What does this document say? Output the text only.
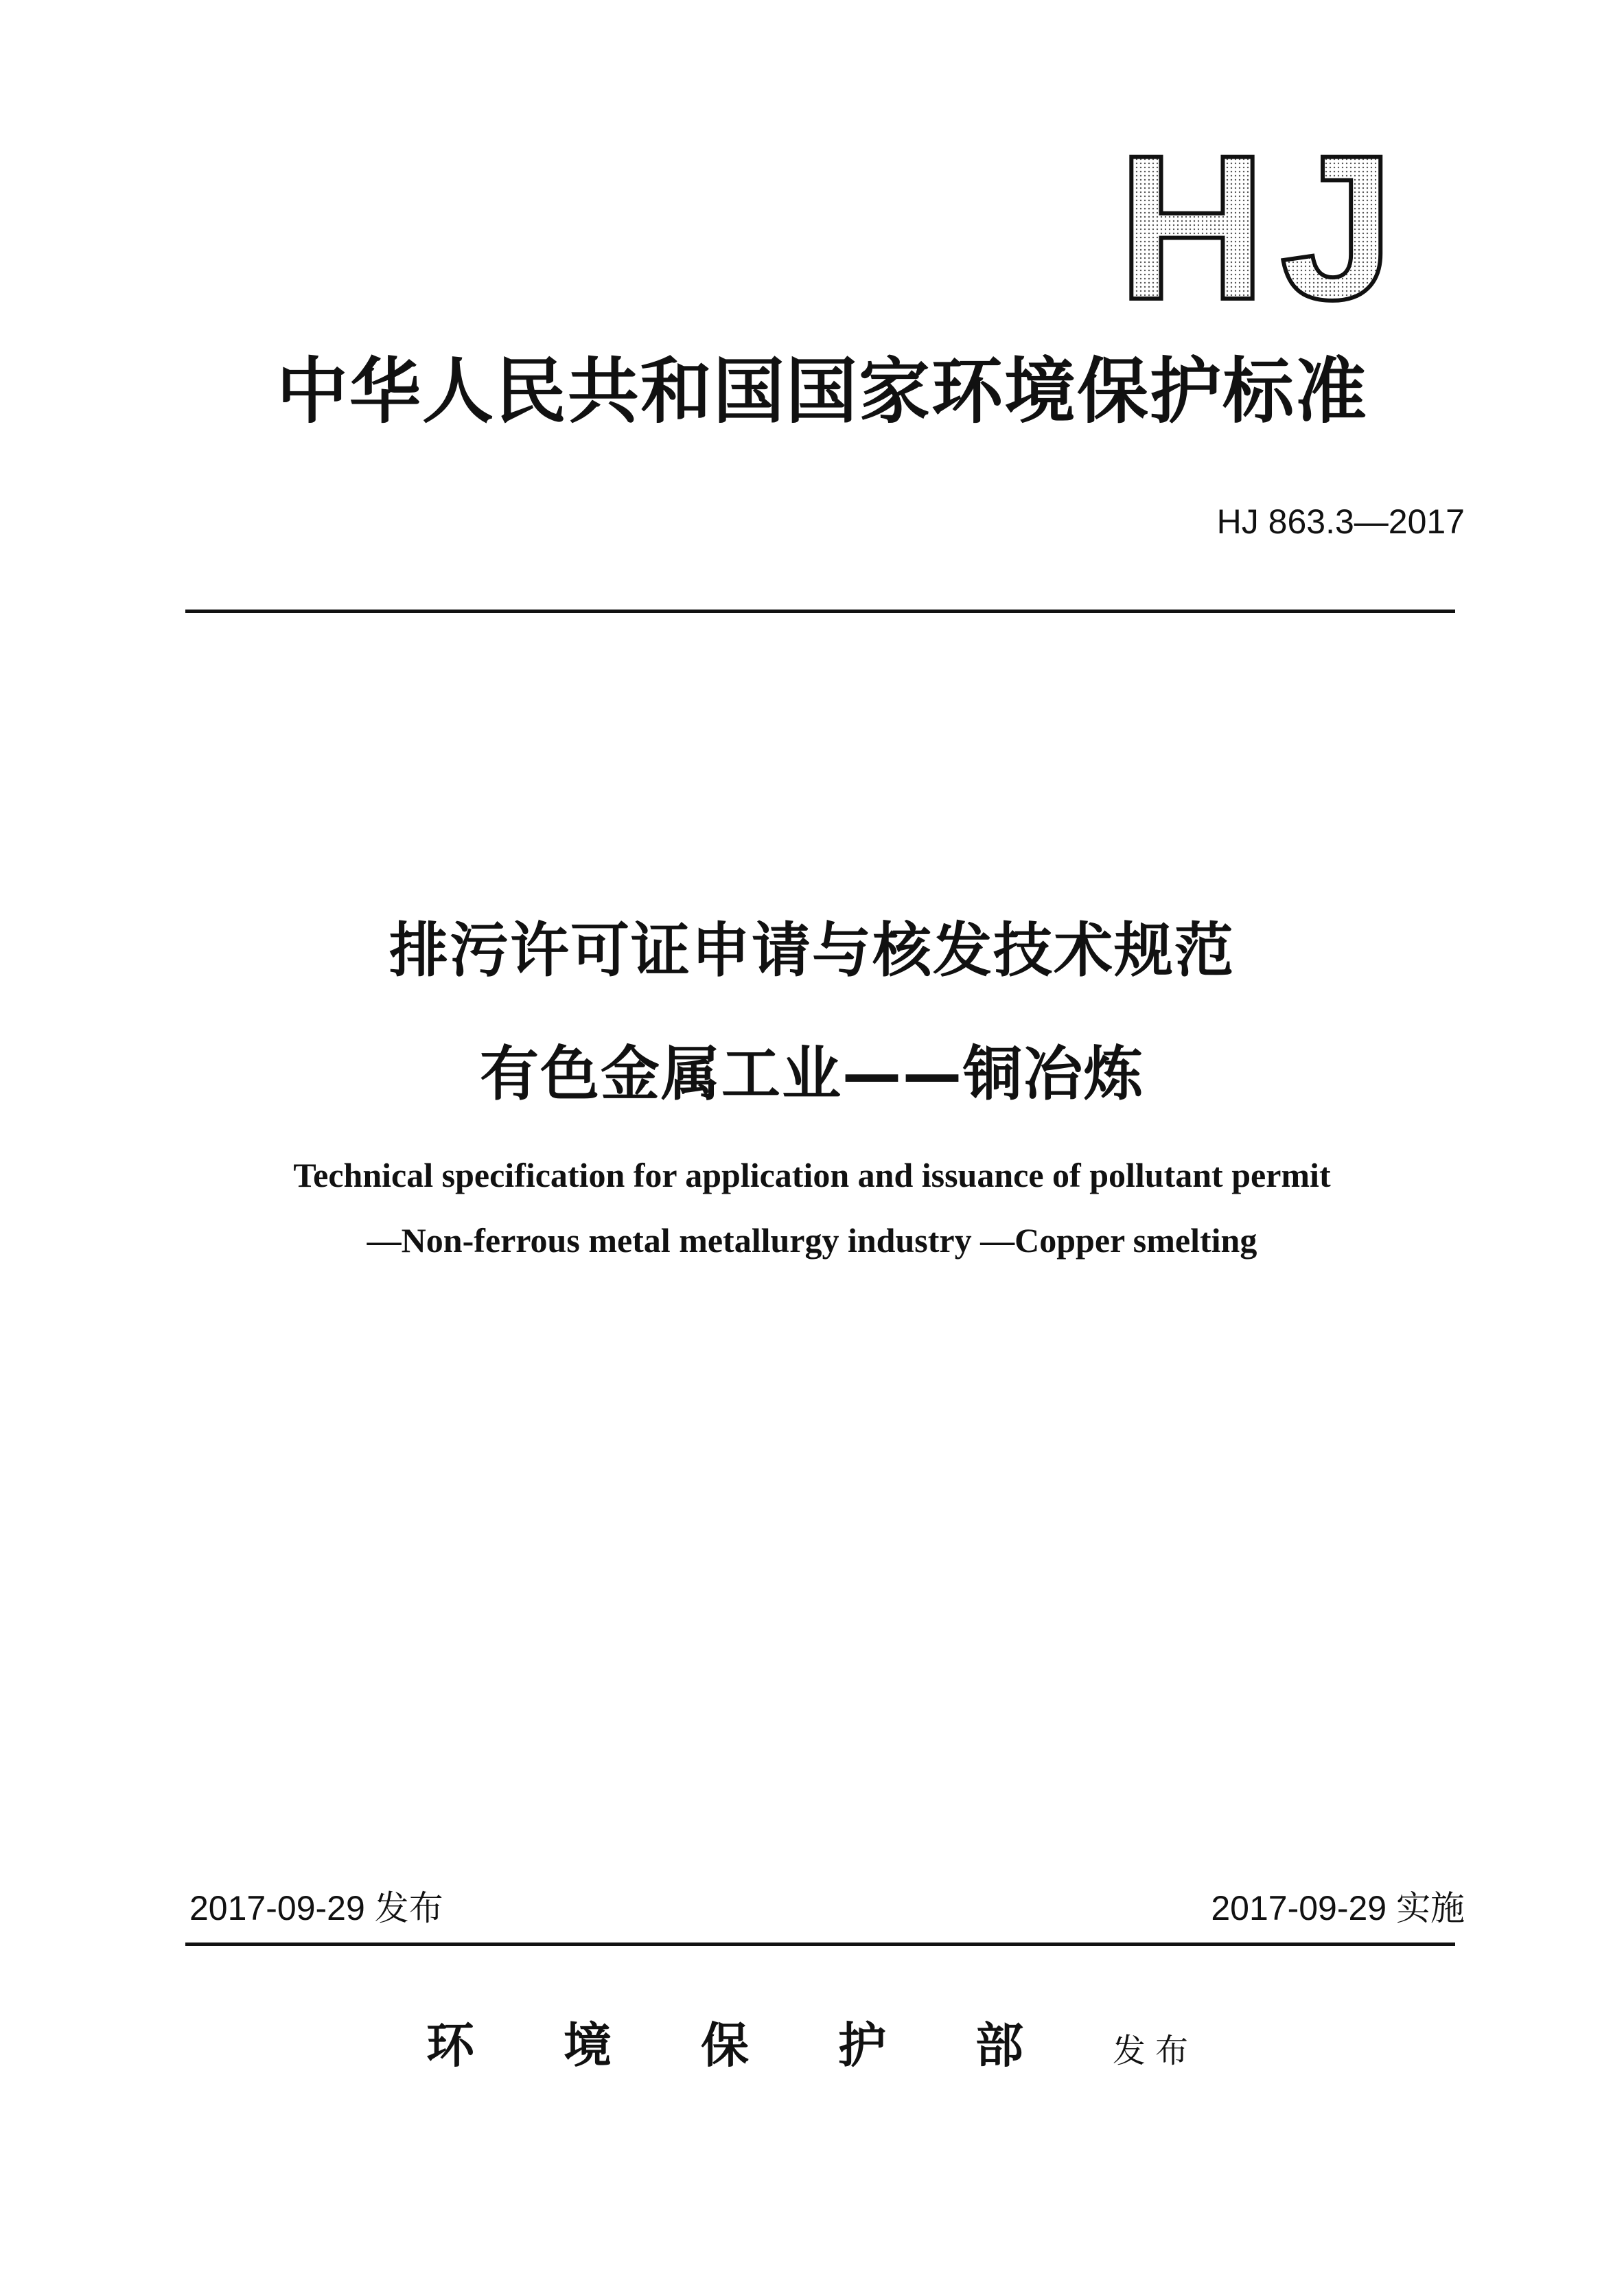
HJ
中华人民共和国国家环境保护标准
HJ 863.3—2017
排污许可证申请与核发技术规范
有色金属工业——铜冶炼
Technical specification for application and issuance of pollutant permit
—Non-ferrous metal metallurgy industry —Copper smelting
2017-09-29 发布	2017-09-29 实施
环境保护部发布
